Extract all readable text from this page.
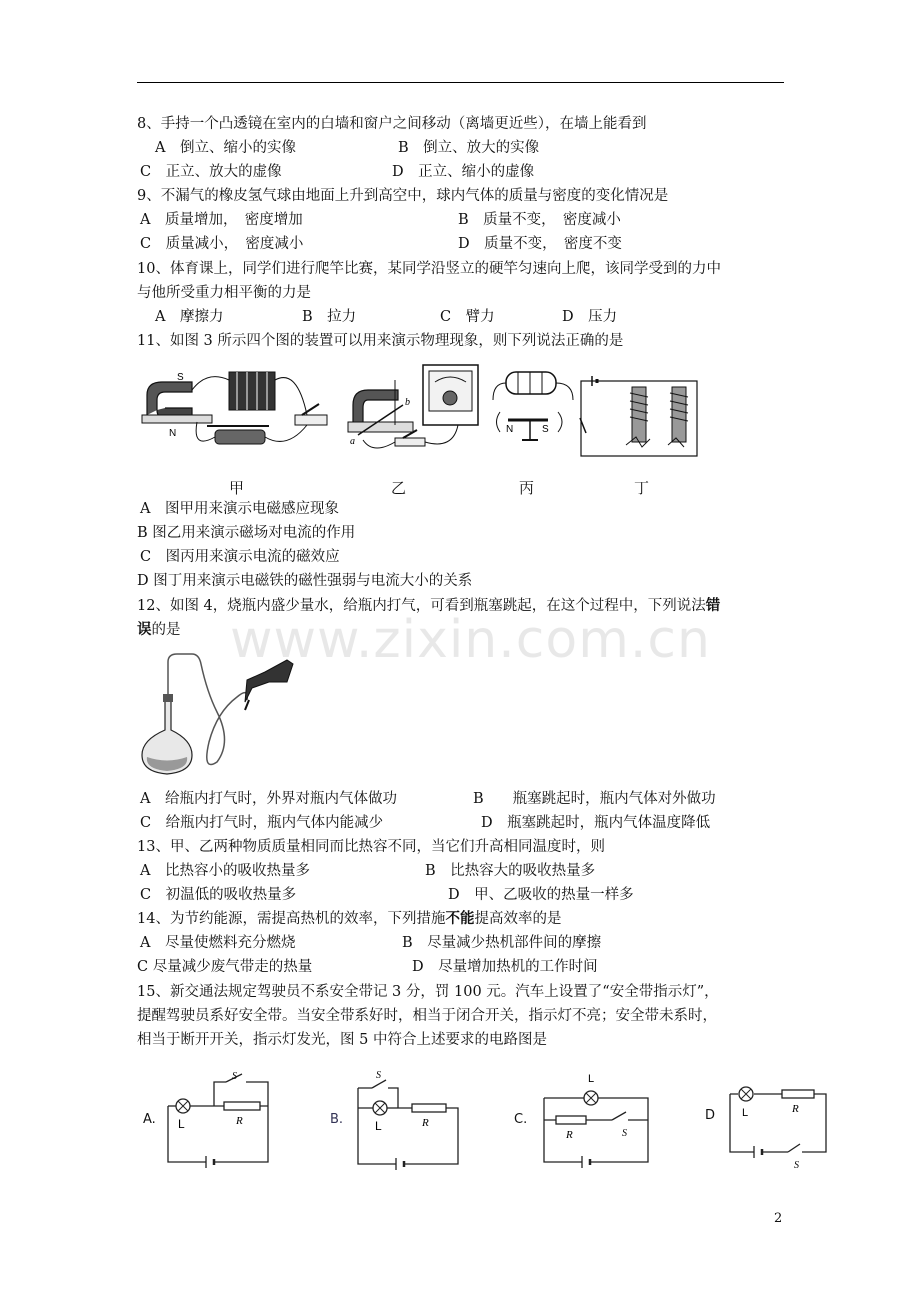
www.zixin.com.cn
8、手持一个凸透镜在室内的白墙和窗户之间移动（离墙更近些），在墙上能看到
A　倒立、缩小的实像	B　倒立、放大的实像
C　正立、放大的虚像	D　正立、缩小的虚像
9、不漏气的橡皮氢气球由地面上升到高空中，球内气体的质量与密度的变化情况是
A　质量增加，　密度增加	B　质量不变，　密度减小
C　质量减小，　密度减小	D　质量不变，　密度不变
10、体育课上，同学们进行爬竿比赛，某同学沿竖立的硬竿匀速向上爬，该同学受到的力中
与他所受重力相平衡的力是
A　摩擦力	B　拉力	C　臂力	D　压力
11、如图 3 所示四个图的装置可以用来演示物理现象，则下列说法正确的是
S
N
a
b
N	S
甲	乙	丙	丁
A　图甲用来演示电磁感应现象
B 图乙用来演示磁场对电流的作用
C　图丙用来演示电流的磁效应
D 图丁用来演示电磁铁的磁性强弱与电流大小的关系
12、如图 4，烧瓶内盛少量水，给瓶内打气，可看到瓶塞跳起，在这个过程中，下列说法错
误的是
A　给瓶内打气时，外界对瓶内气体做功	B　　瓶塞跳起时，瓶内气体对外做功
C　给瓶内打气时，瓶内气体内能减少	D　瓶塞跳起时，瓶内气体温度降低
13、甲、乙两种物质质量相同而比热容不同，当它们升高相同温度时，则
A　比热容小的吸收热量多	B　比热容大的吸收热量多
C　初温低的吸收热量多	D　甲、乙吸收的热量一样多
14、为节约能源，需提高热机的效率，下列措施不能提高效率的是
A　尽量使燃料充分燃烧	B　尽量减少热机部件间的摩擦
C 尽量减少废气带走的热量	D　尽量增加热机的工作时间
15、新交通法规定驾驶员不系安全带记 3 分，罚 100 元。汽车上设置了“安全带指示灯”，
提醒驾驶员系好安全带。当安全带系好时，相当于闭合开关，指示灯不亮；安全带未系时，
相当于断开开关，指示灯发光，图 5 中符合上述要求的电路图是
A. L	R
S
B.	L	R
S
C.
L
R	S
D L	R
S
2
